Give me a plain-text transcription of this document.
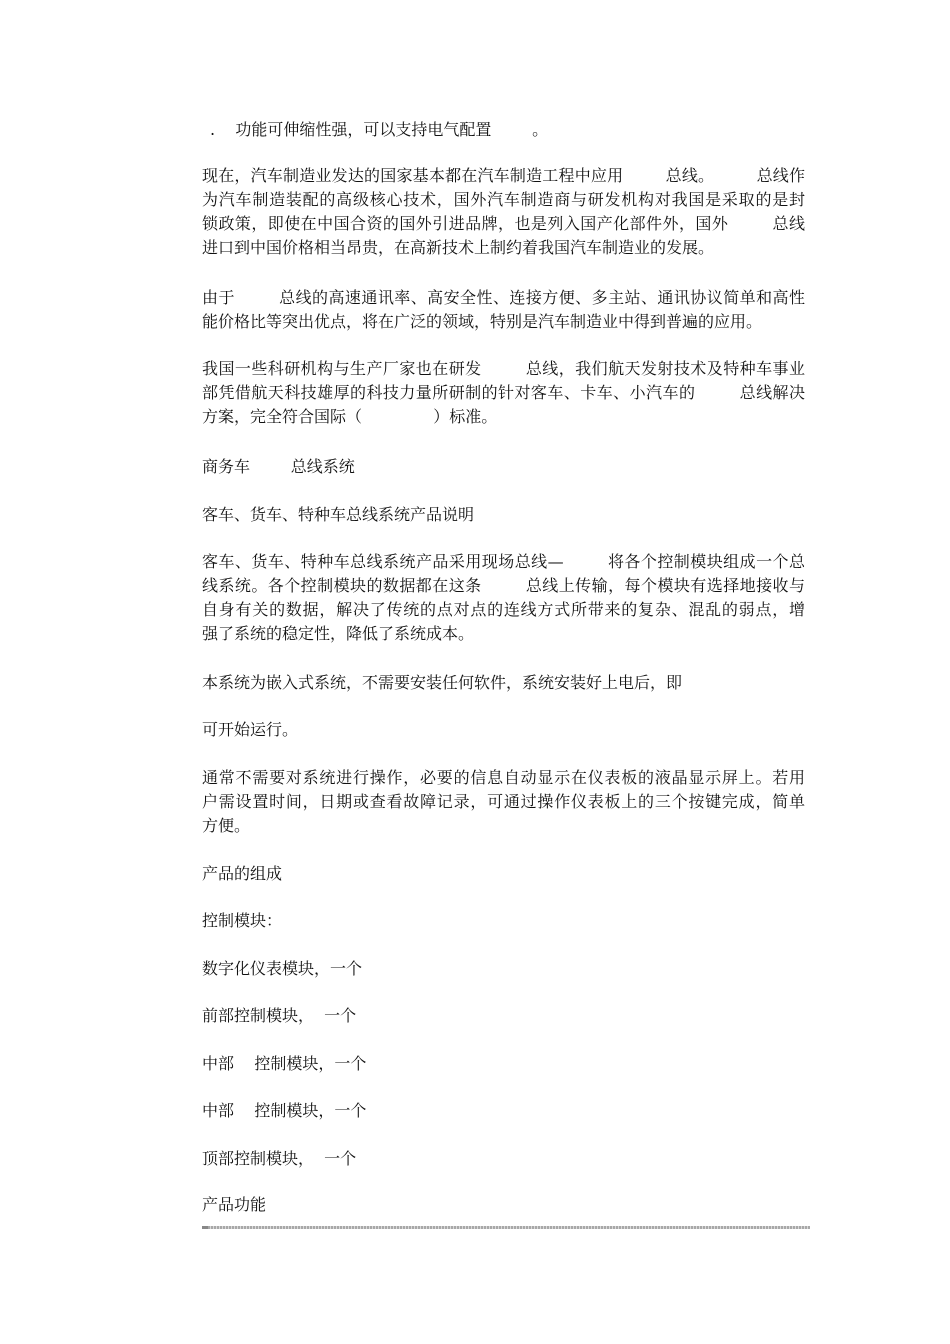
.    功能可伸缩性强，可以支持电气配置        。
现在，汽车制造业发达的国家基本都在汽车制造工程中应用        总线。        总线作
为汽车制造装配的高级核心技术，国外汽车制造商与研发机构对我国是采取的是封
锁政策，即使在中国合资的国外引进品牌，也是列入国产化部件外，国外        总线
进口到中国价格相当昂贵，在高新技术上制约着我国汽车制造业的发展。
由于        总线的高速通讯率、高安全性、连接方便、多主站、通讯协议简单和高性
能价格比等突出优点，将在广泛的领域，特别是汽车制造业中得到普遍的应用。
我国一些科研机构与生产厂家也在研发        总线，我们航天发射技术及特种车事业
部凭借航天科技雄厚的科技力量所研制的针对客车、卡车、小汽车的        总线解决
方案，完全符合国际（              ）标准。
商务车        总线系统
客车、货车、特种车总线系统产品说明
客车、货车、特种车总线系统产品采用现场总线—        将各个控制模块组成一个总
线系统。各个控制模块的数据都在这条        总线上传输，每个模块有选择地接收与
自身有关的数据，解决了传统的点对点的连线方式所带来的复杂、混乱的弱点，增
强了系统的稳定性，降低了系统成本。
本系统为嵌入式系统，不需要安装任何软件，系统安装好上电后，即
可开始运行。
通常不需要对系统进行操作，必要的信息自动显示在仪表板的液晶显示屏上。若用
户需设置时间，日期或查看故障记录，可通过操作仪表板上的三个按键完成，简单
方便。
产品的组成
控制模块：
数字化仪表模块，一个
前部控制模块，  一个
中部    控制模块，一个
中部    控制模块，一个
顶部控制模块，  一个
产品功能
